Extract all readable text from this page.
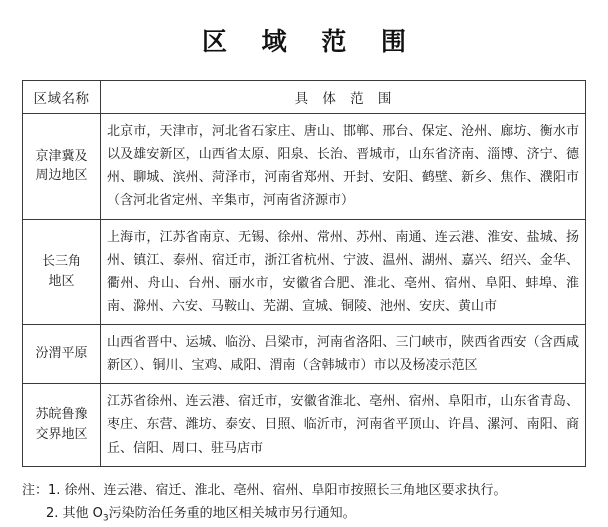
区 域 范 围
区域名称	具 体 范 围

京津冀及
周边地区	北京市，天津市，河北省石家庄、唐山、邯郸、邢台、保定、沧州、廊坊、衡水市以及雄安新区，山西省太原、阳泉、长治、晋城市，山东省济南、淄博、济宁、德州、聊城、滨州、菏泽市，河南省郑州、开封、安阳、鹤壁、新乡、焦作、濮阳市（含河北省定州、辛集市，河南省济源市）

长三角
地区	上海市，江苏省南京、无锡、徐州、常州、苏州、南通、连云港、淮安、盐城、扬州、镇江、泰州、宿迁市，浙江省杭州、宁波、温州、湖州、嘉兴、绍兴、金华、衢州、舟山、台州、丽水市，安徽省合肥、淮北、亳州、宿州、阜阳、蚌埠、淮南、滁州、六安、马鞍山、芜湖、宣城、铜陵、池州、安庆、黄山市

汾渭平原	山西省晋中、运城、临汾、吕梁市，河南省洛阳、三门峡市，陕西省西安（含西咸新区）、铜川、宝鸡、咸阳、渭南（含韩城市）市以及杨凌示范区

苏皖鲁豫
交界地区	江苏省徐州、连云港、宿迁市，安徽省淮北、亳州、宿州、阜阳市，山东省青岛、枣庄、东营、潍坊、泰安、日照、临沂市，河南省平顶山、许昌、漯河、南阳、商丘、信阳、周口、驻马店市
注：1. 徐州、连云港、宿迁、淮北、亳州、宿州、阜阳市按照长三角地区要求执行。
2. 其他 $O_3$污染防治任务重的地区相关城市另行通知。
